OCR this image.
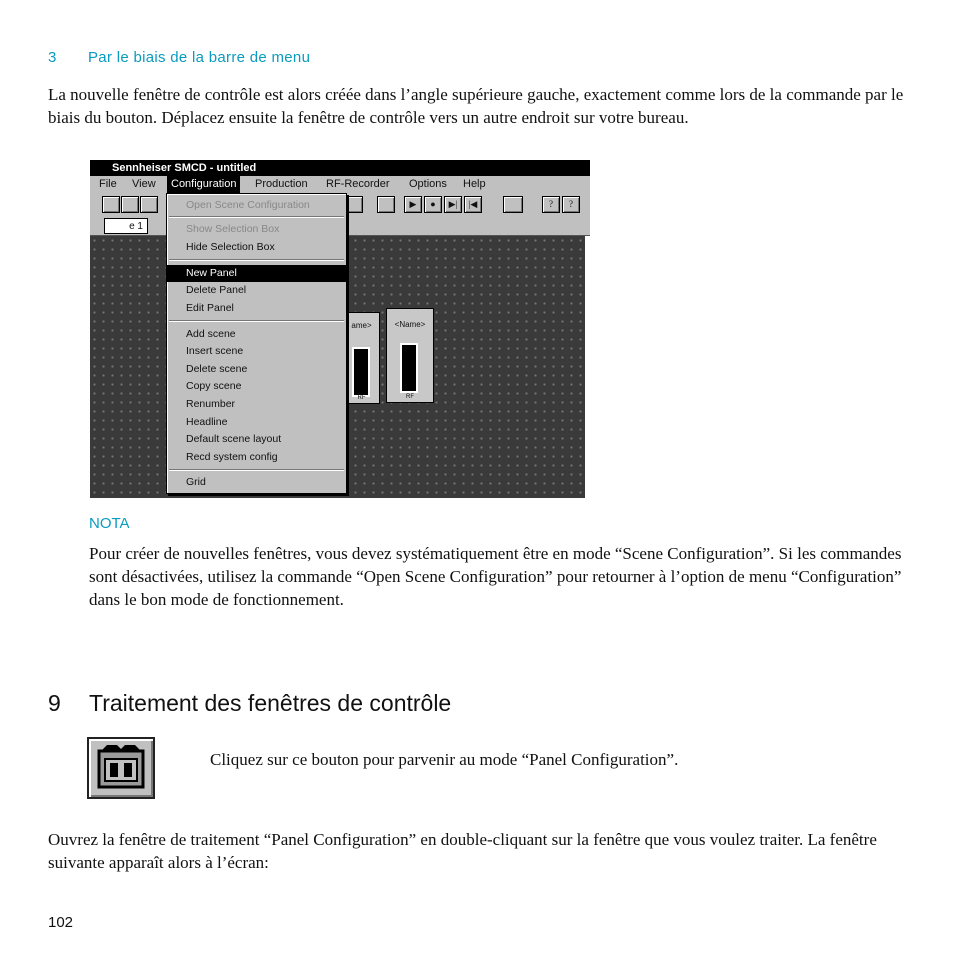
3 Par le biais de la barre de menu
La nouvelle fenêtre de contrôle est alors créée dans l’angle supérieure gauche, exactement comme lors de la commande par le biais du bouton. Déplacez ensuite la fenêtre de contrôle vers un autre endroit sur votre bureau.
Sennheiser SMCD - untitled
File View	Configuration	Production RF-Recorder Options Help
▶	●	▶|	|◀	?	?
e 1
ame>
RF
<Name>
RF
Open Scene Configuration
Show Selection Box
Hide Selection Box
New Panel
Delete Panel
Edit Panel
Add scene
Insert scene
Delete scene
Copy scene
Renumber
Headline
Default scene layout
Recd system config
Grid
NOTA
Pour créer de nouvelles fenêtres, vous devez systématiquement être en mode “Scene Configuration”. Si les commandes sont désactivées, utilisez la commande “Open Scene Configuration” pour retourner à l’option de menu “Configuration” dans le bon mode de fonctionnement.
9 Traitement des fenêtres de contrôle
Cliquez sur ce bouton pour parvenir au mode “Panel Configuration”.
Ouvrez la fenêtre de traitement “Panel Configuration” en double-cliquant sur la fenêtre que vous voulez traiter. La fenêtre suivante apparaît alors à l’écran:
102
